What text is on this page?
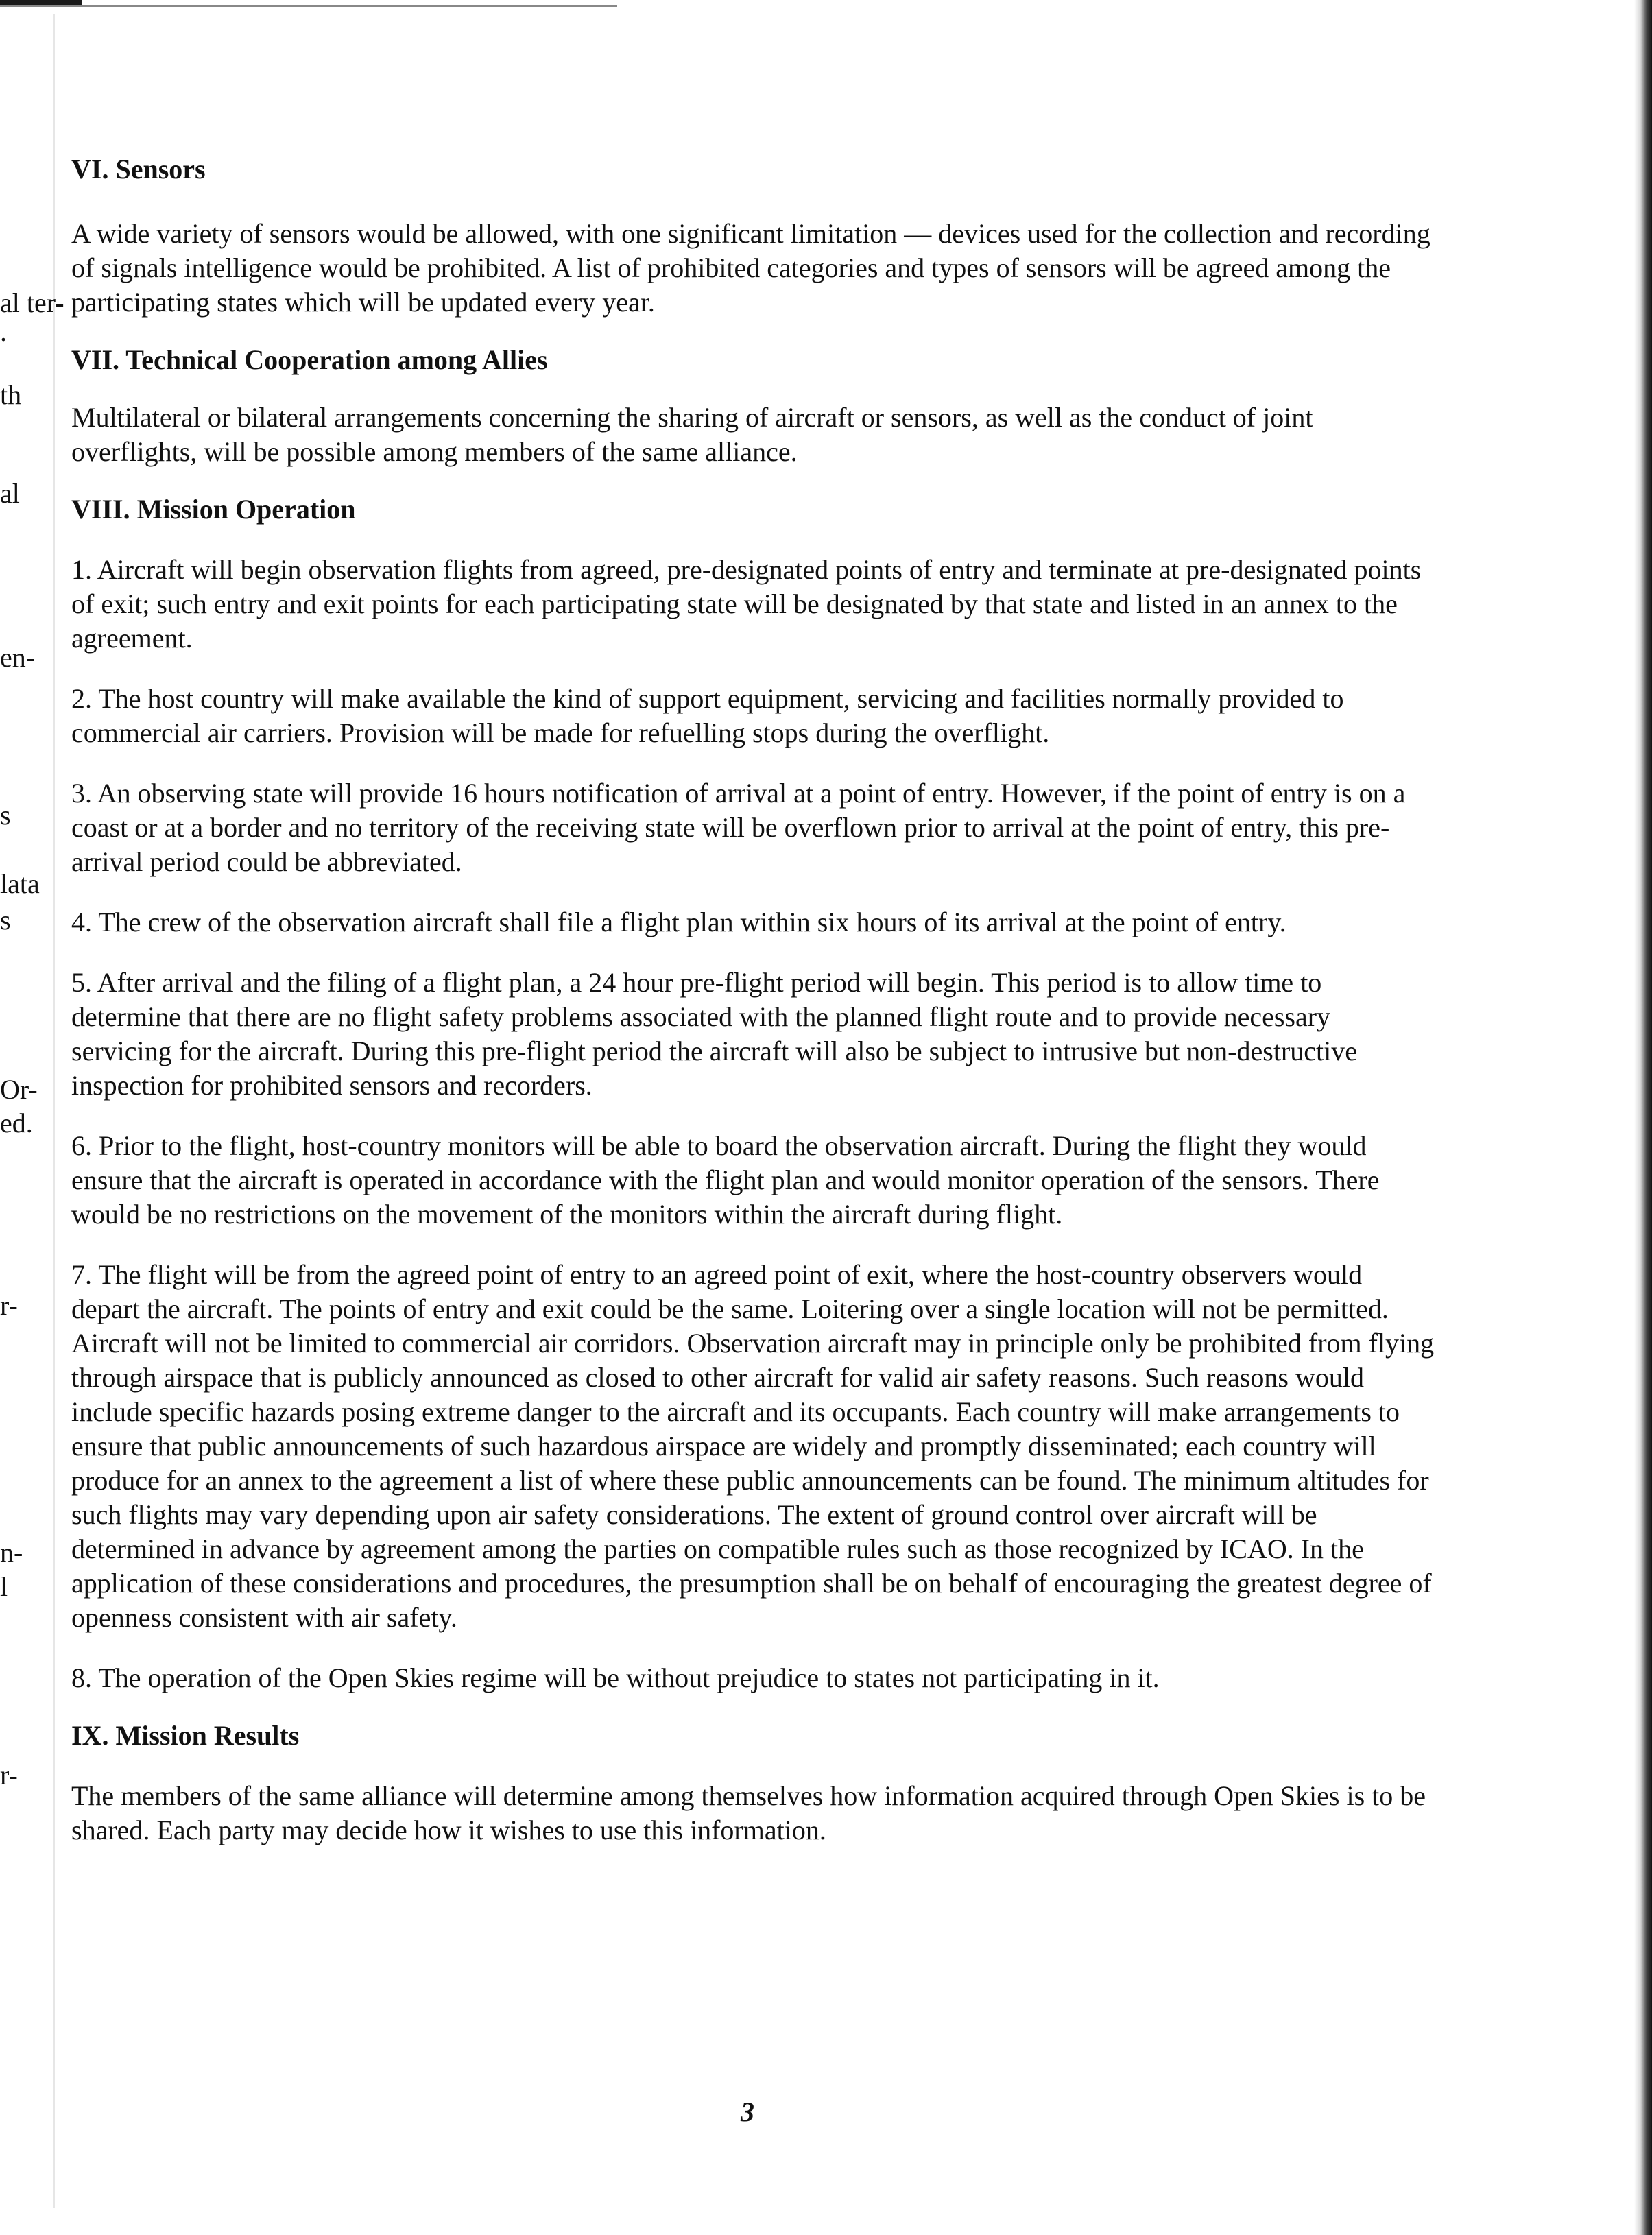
al ter-
.
th
al
en-
s
lata
s
Or-
ed.
r-
n-
l
r-
VI. Sensors

A wide variety of sensors would be allowed, with one significant limitation — devices used for the collection and recording of signals intelligence would be prohibited. A list of prohibited categories and types of sensors will be agreed among the participating states which will be updated every year.

VII. Technical Cooperation among Allies

Multilateral or bilateral arrangements concerning the sharing of aircraft or sensors, as well as the conduct of joint overflights, will be possible among members of the same alliance.

VIII. Mission Operation

1. Aircraft will begin observation flights from agreed, pre-designated points of entry and terminate at pre-designated points of exit; such entry and exit points for each participating state will be designated by that state and listed in an annex to the agreement.

2. The host country will make available the kind of support equipment, servicing and facilities normally provided to commercial air carriers. Provision will be made for refuelling stops during the overflight.

3. An observing state will provide 16 hours notification of arrival at a point of entry. However, if the point of entry is on a coast or at a border and no territory of the receiving state will be overflown prior to arrival at the point of entry, this pre-arrival period could be abbreviated.

4. The crew of the observation aircraft shall file a flight plan within six hours of its arrival at the point of entry.

5. After arrival and the filing of a flight plan, a 24 hour pre-flight period will begin. This period is to allow time to determine that there are no flight safety problems associated with the planned flight route and to provide necessary servicing for the aircraft. During this pre-flight period the aircraft will also be subject to intrusive but non-destructive inspection for prohibited sensors and recorders.

6. Prior to the flight, host-country monitors will be able to board the observation aircraft. During the flight they would ensure that the aircraft is operated in accordance with the flight plan and would monitor operation of the sensors. There would be no restrictions on the movement of the monitors within the aircraft during flight.

7. The flight will be from the agreed point of entry to an agreed point of exit, where the host-country observers would depart the aircraft. The points of entry and exit could be the same. Loitering over a single location will not be permitted. Aircraft will not be limited to commercial air corridors. Observation aircraft may in principle only be prohibited from flying through airspace that is publicly announced as closed to other aircraft for valid air safety reasons. Such reasons would include specific hazards posing extreme danger to the aircraft and its occupants. Each country will make arrangements to ensure that public announcements of such hazardous airspace are widely and promptly disseminated; each country will produce for an annex to the agreement a list of where these public announcements can be found. The minimum altitudes for such flights may vary depending upon air safety considerations. The extent of ground control over aircraft will be determined in advance by agreement among the parties on compatible rules such as those recognized by ICAO. In the application of these considerations and procedures, the presumption shall be on behalf of encouraging the greatest degree of openness consistent with air safety.

8. The operation of the Open Skies regime will be without prejudice to states not participating in it.

IX. Mission Results

The members of the same alliance will determine among themselves how information acquired through Open Skies is to be shared. Each party may decide how it wishes to use this information.

3
